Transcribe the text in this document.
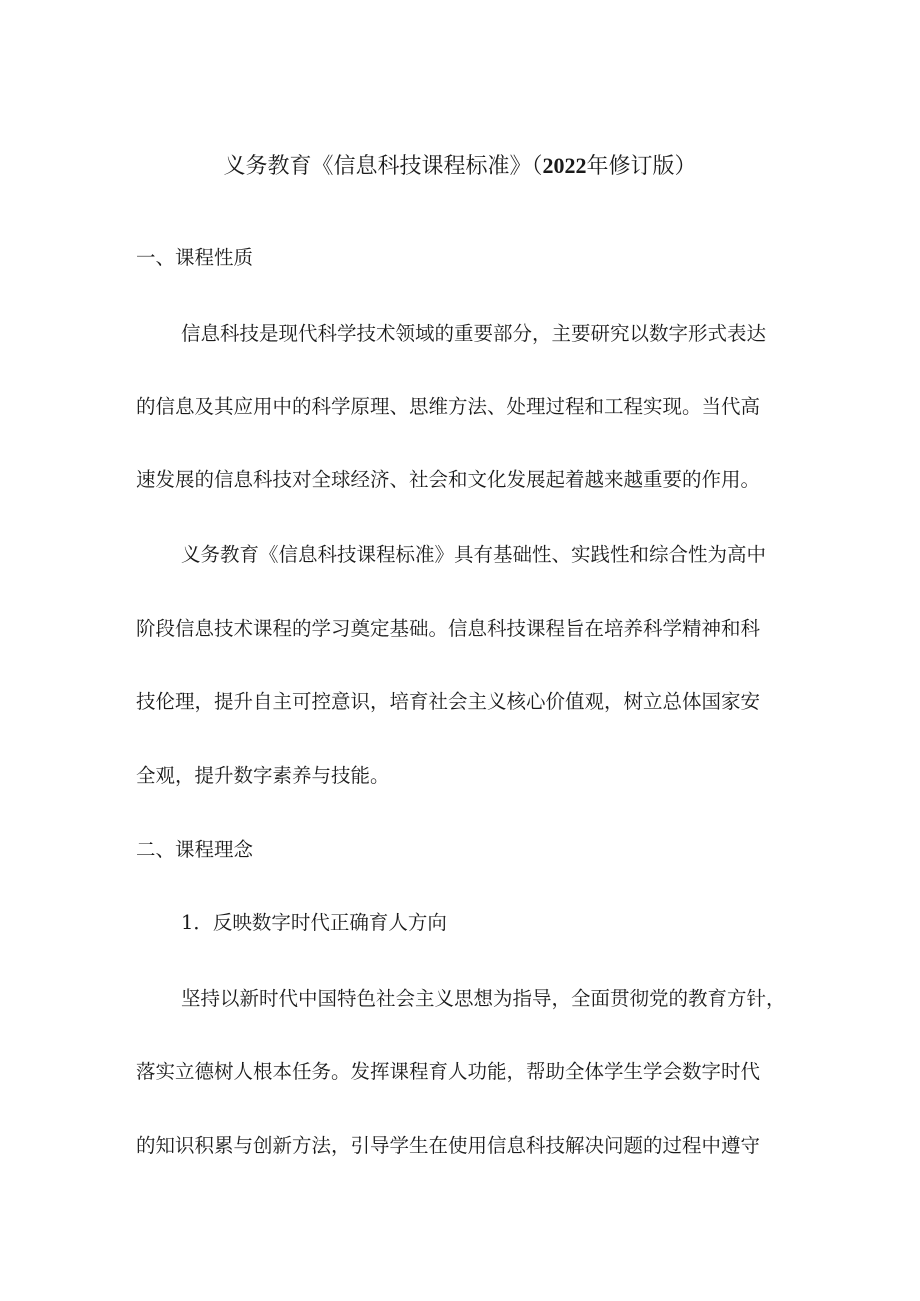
义务教育《信息科技课程标准》（2022年修订版）
一、课程性质
信息科技是现代科学技术领域的重要部分，主要研究以数字形式表达
的信息及其应用中的科学原理、思维方法、处理过程和工程实现。当代高
速发展的信息科技对全球经济、社会和文化发展起着越来越重要的作用。
义务教育《信息科技课程标准》具有基础性、实践性和综合性为高中
阶段信息技术课程的学习奠定基础。信息科技课程旨在培养科学精神和科
技伦理，提升自主可控意识，培育社会主义核心价值观，树立总体国家安
全观，提升数字素养与技能。
二、课程理念
1．反映数字时代正确育人方向
坚持以新时代中国特色社会主义思想为指导，全面贯彻党的教育方针，
落实立德树人根本任务。发挥课程育人功能，帮助全体学生学会数字时代
的知识积累与创新方法，引导学生在使用信息科技解决问题的过程中遵守
